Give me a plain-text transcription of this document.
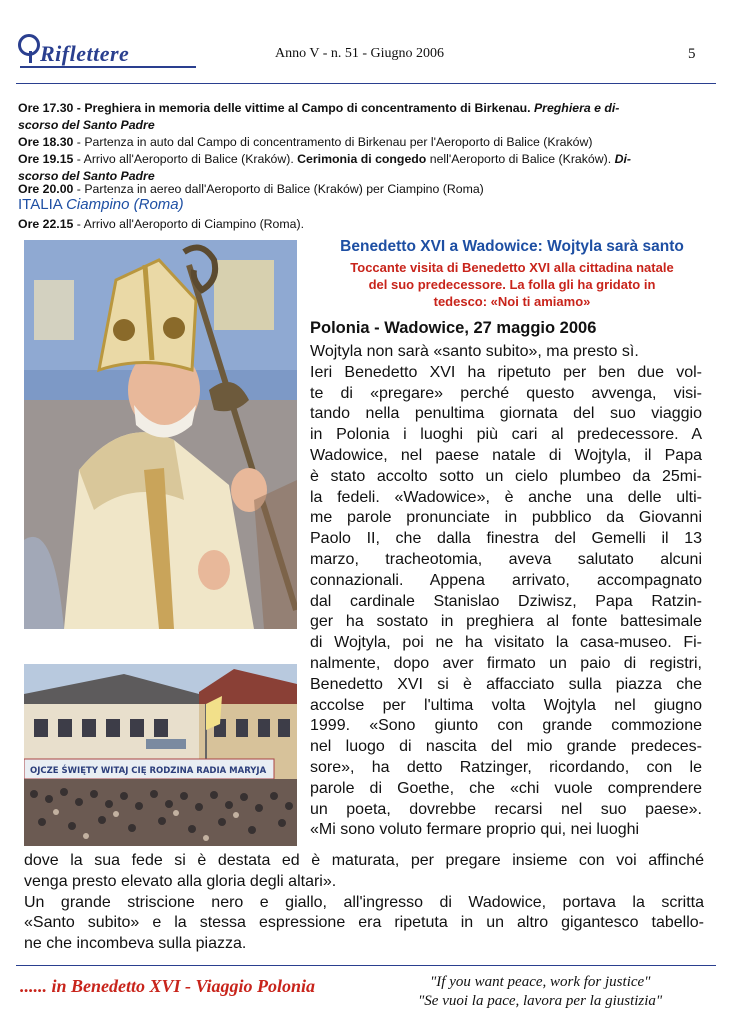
Riflettere	Anno V - n. 51 - Giugno 2006	5
Ore 17.30 - Preghiera in memoria delle vittime al Campo di concentramento di Birkenau. Preghiera e di-
scorso del Santo Padre
Ore 18.30 - Partenza in auto dal Campo di concentramento di Birkenau per l'Aeroporto di Balice (Kraków)
Ore 19.15 - Arrivo all'Aeroporto di Balice (Kraków). Cerimonia di congedo nell'Aeroporto di Balice (Kraków). Di-
scorso del Santo Padre
Ore 20.00 - Partenza in aereo dall'Aeroporto di Balice (Kraków) per Ciampino (Roma)
ITALIA Ciampino (Roma)
Ore 22.15 - Arrivo all'Aeroporto di Ciampino (Roma).
OJCZE ŚWIĘTY WITAJ CIĘ RODZINA RADIA MARYJA
Benedetto XVI a Wadowice: Wojtyla sarà santo
Toccante visita di Benedetto XVI alla cittadina natale
del suo predecessore. La folla gli ha gridato in
tedesco: «Noi ti amiamo»
Polonia - Wadowice, 27 maggio 2006
Wojtyla non sarà «santo subito», ma presto sì.
Ieri Benedetto XVI ha ripetuto per ben due vol-
te di «pregare» perché questo avvenga, visi-
tando nella penultima giornata del suo viaggio
in Polonia i luoghi più cari al predecessore. A
Wadowice, nel paese natale di Wojtyla, il Papa
è stato accolto sotto un cielo plumbeo da 25mi-
la fedeli. «Wadowice», è anche una delle ulti-
me parole pronunciate in pubblico da Giovanni
Paolo II, che dalla finestra del Gemelli il 13
marzo, tracheotomia, aveva salutato alcuni
connazionali. Appena arrivato, accompagnato
dal cardinale Stanislao Dziwisz, Papa Ratzin-
ger ha sostato in preghiera al fonte battesimale
di Wojtyla, poi ne ha visitato la casa-museo. Fi-
nalmente, dopo aver firmato un paio di registri,
Benedetto XVI si è affacciato sulla piazza che
accolse per l'ultima volta Wojtyla nel giugno
1999. «Sono giunto con grande commozione
nel luogo di nascita del mio grande predeces-
sore», ha detto Ratzinger, ricordando, con le
parole di Goethe, che «chi vuole comprendere
un poeta, dovrebbe recarsi nel suo paese».
«Mi sono voluto fermare proprio qui, nei luoghi
dove la sua fede si è destata ed è maturata, per pregare insieme con voi affinché
venga presto elevato alla gloria degli altari».
Un grande striscione nero e giallo, all'ingresso di Wadowice, portava la scritta
«Santo subito» e la stessa espressione era ripetuta in un altro gigantesco tabello-
ne che incombeva sulla piazza.
...... in Benedetto XVI - Viaggio Polonia	"If you want peace, work for justice"
"Se vuoi la pace, lavora per la giustizia"
